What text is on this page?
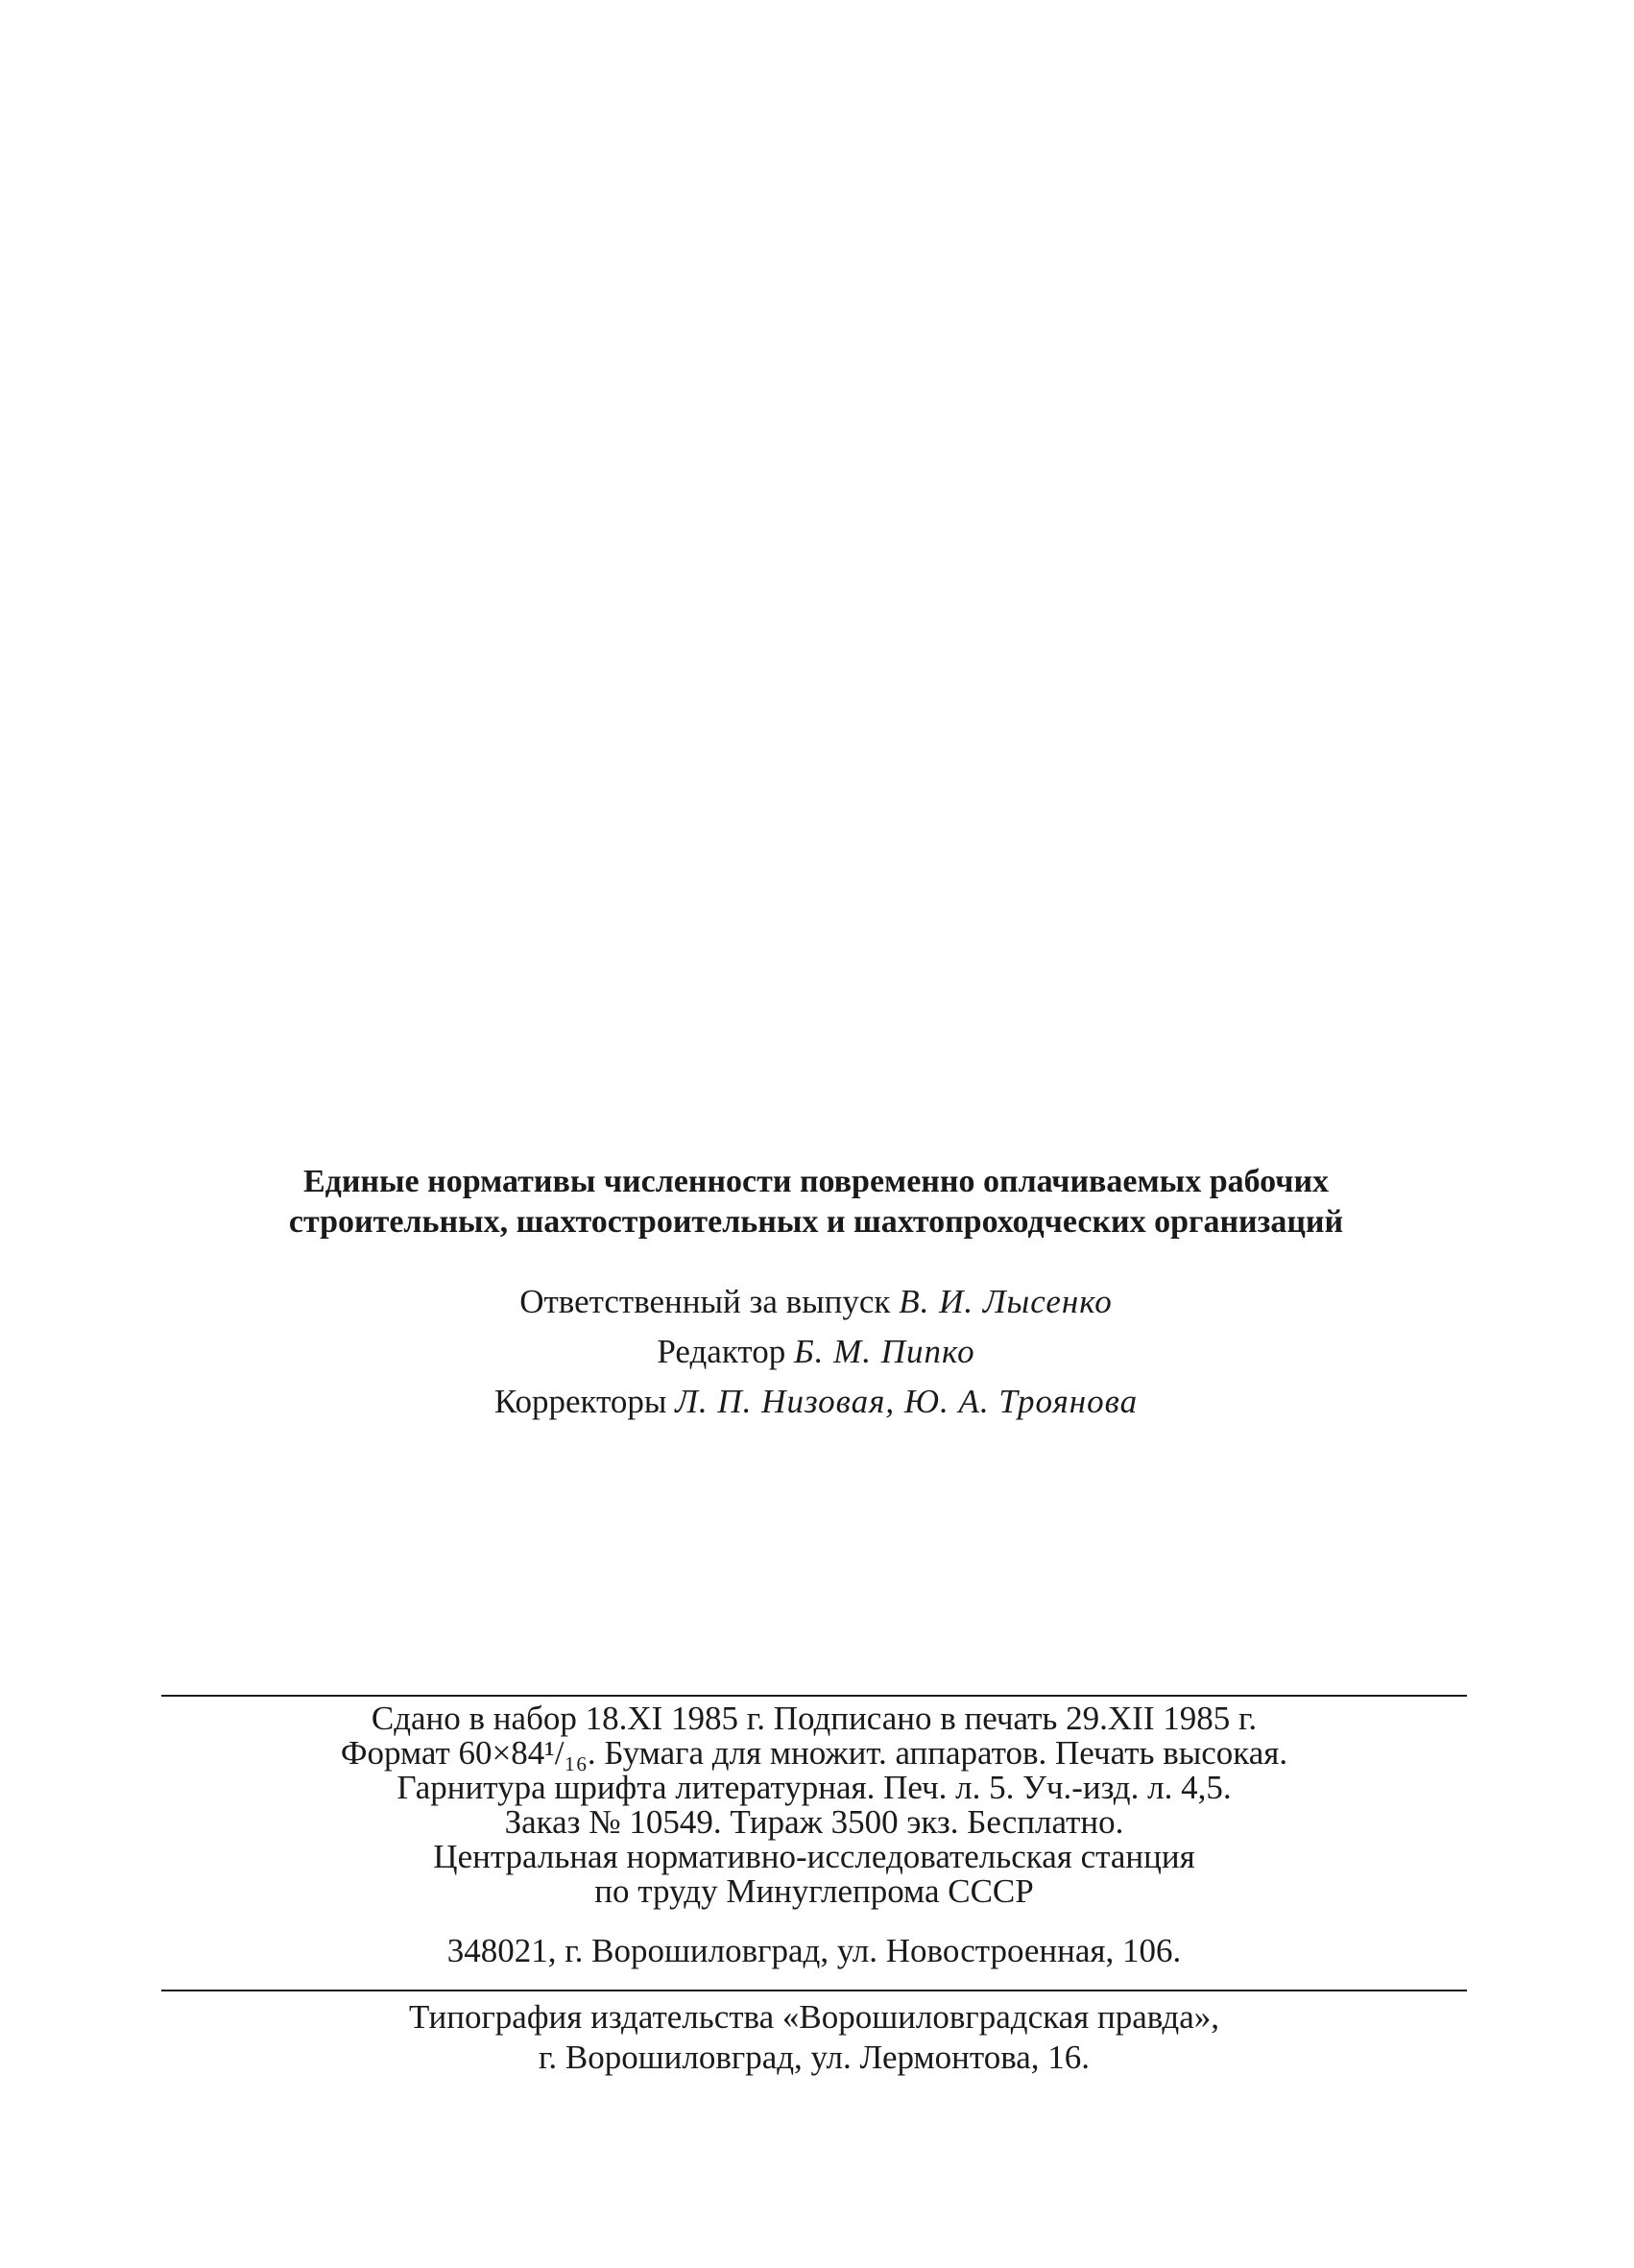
Единые нормативы численности повременно оплачиваемых рабочих
строительных, шахтостроительных и шахтопроходческих организаций
Ответственный за выпуск В. И. Лысенко
Редактор Б. М. Пипко
Корректоры Л. П. Низовая, Ю. А. Троянова
Сдано в набор 18.XI 1985 г. Подписано в печать 29.XII 1985 г.
Формат 60×84¹/₁₆. Бумага для множит. аппаратов. Печать высокая.
Гарнитура шрифта литературная. Печ. л. 5. Уч.-изд. л. 4,5.
Заказ № 10549. Тираж 3500 экз. Бесплатно.
Центральная нормативно-исследовательская станция
по труду Минуглепрома СССР
348021, г. Ворошиловград, ул. Новостроенная, 106.
Типография издательства «Ворошиловградская правда»,
г. Ворошиловград, ул. Лермонтова, 16.
